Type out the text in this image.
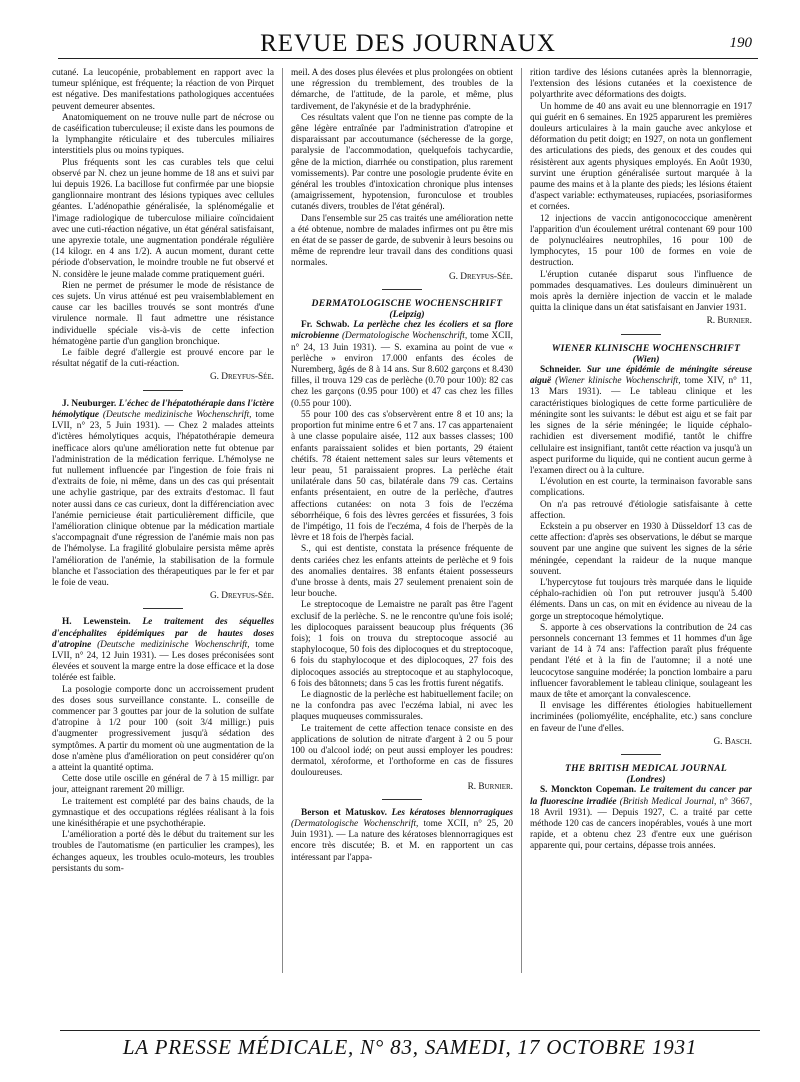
REVUE DES JOURNAUX	190

cutané. La leucopénie, probablement en rapport avec la tumeur splénique, est fréquente; la réaction de von Pirquet est négative. Des manifestations pathologiques accentuées peuvent demeurer absentes.

Anatomiquement on ne trouve nulle part de nécrose ou de caséification tuberculeuse; il existe dans les poumons de la lymphangite réticulaire et des tubercules miliaires interstitiels plus ou moins typiques.

Plus fréquents sont les cas curables tels que celui observé par N. chez un jeune homme de 18 ans et suivi par lui depuis 1926. La bacillose fut confirmée par une biopsie ganglionnaire montrant des lésions typiques avec cellules géantes. L'adénopathie généralisée, la splénomégalie et l'image radiologique de tuberculose miliaire coïncidaient avec une cuti-réaction négative, un état général satisfaisant, une apyrexie totale, une augmentation pondérale régulière (14 kilogr. en 4 ans 1/2). A aucun moment, durant cette période d'observation, le moindre trouble ne fut observé et N. considère le jeune malade comme pratiquement guéri.

Rien ne permet de présumer le mode de résistance de ces sujets. Un virus atténué est peu vraisemblablement en cause car les bacilles trouvés se sont montrés d'une virulence normale. Il faut admettre une résistance individuelle spéciale vis-à-vis de cette infection hématogène partie d'un ganglion bronchique.

Le faible degré d'allergie est prouvé encore par le résultat négatif de la cuti-réaction.

G. Dreyfus-Sée.

J. Neuburger. L'échec de l'hépatothérapie dans l'ictère hémolytique (Deutsche medizinische Wochenschrift, tome LVII, n° 23, 5 Juin 1931). — Chez 2 malades atteints d'ictères hémolytiques acquis, l'hépatothérapie demeura inefficace alors qu'une amélioration nette fut obtenue par l'administration de la médication ferrique. L'hémolyse ne fut nullement influencée par l'ingestion de foie frais ni d'extraits de foie, ni même, dans un des cas qui présentait une achylie gastrique, par des extraits d'estomac. Il faut noter aussi dans ce cas curieux, dont la différenciation avec l'anémie pernicieuse était particulièrement difficile, que l'amélioration clinique obtenue par la médication martiale s'accompagnait d'une régression de l'anémie mais non pas de l'hémolyse. La fragilité globulaire persista même après l'amélioration de l'anémie, la stabilisation de la formule blanche et l'association des thérapeutiques par le fer et par le foie de veau.

G. Dreyfus-Sée.

H. Lewenstein. Le traitement des séquelles d'encéphalites épidémiques par de hautes doses d'atropine (Deutsche medizinische Wochenschrift, tome LVII, n° 24, 12 Juin 1931). — Les doses préconisées sont élevées et souvent la marge entre la dose efficace et la dose tolérée est faible.

La posologie comporte donc un accroissement prudent des doses sous surveillance constante. L. conseille de commencer par 3 gouttes par jour de la solution de sulfate d'atropine à 1/2 pour 100 (soit 3/4 milligr.) puis d'augmenter progressivement jusqu'à sédation des symptômes. A partir du moment où une augmentation de la dose n'amène plus d'amélioration on peut considérer qu'on a atteint la quantité optima.

Cette dose utile oscille en général de 7 à 15 milligr. par jour, atteignant rarement 20 milligr.

Le traitement est complété par des bains chauds, de la gymnastique et des occupations réglées réalisant à la fois une kinésithérapie et une psychothérapie.

L'amélioration a porté dès le début du traitement sur les troubles de l'automatisme (en particulier les crampes), les échanges aqueux, les troubles oculo-moteurs, les troubles persistants du som-

meil. A des doses plus élevées et plus prolongées on obtient une régression du tremblement, des troubles de la démarche, de l'attitude, de la parole, et même, plus tardivement, de l'akynésie et de la bradyphrénie.

Ces résultats valent que l'on ne tienne pas compte de la gêne légère entraînée par l'administration d'atropine et disparaissant par accoutumance (sécheresse de la gorge, paralysie de l'accommodation, quelquefois tachycardie, gêne de la miction, diarrhée ou constipation, plus rarement vomissements). Par contre une posologie prudente évite en général les troubles d'intoxication chronique plus intenses (amaigrissement, hypotension, furonculose et troubles cutanés divers, troubles de l'état général).

Dans l'ensemble sur 25 cas traités une amélioration nette a été obtenue, nombre de malades infirmes ont pu être mis en état de se passer de garde, de subvenir à leurs besoins ou même de reprendre leur travail dans des conditions quasi normales.

G. Dreyfus-Sée.

DERMATOLOGISCHE WOCHENSCHRIFT

(Leipzig)

Fr. Schwab. La perlèche chez les écoliers et sa flore microbienne (Dermatologische Wochenschrift, tome XCII, n° 24, 13 Juin 1931). — S. examina au point de vue « perlèche » environ 17.000 enfants des écoles de Nuremberg, âgés de 8 à 14 ans. Sur 8.602 garçons et 8.430 filles, il trouva 129 cas de perlèche (0.70 pour 100): 82 cas chez les garçons (0.95 pour 100) et 47 cas chez les filles (0.55 pour 100).

55 pour 100 des cas s'observèrent entre 8 et 10 ans; la proportion fut minime entre 6 et 7 ans. 17 cas appartenaient à une classe populaire aisée, 112 aux basses classes; 100 enfants paraissaient solides et bien portants, 29 étaient chétifs. 78 étaient nettement sales sur leurs vêtements et leur peau, 51 paraissaient propres. La perlèche était unilatérale dans 50 cas, bilatérale dans 79 cas. Certains enfants présentaient, en outre de la perlèche, d'autres affections cutanées: on nota 3 fois de l'eczéma séborrhéique, 6 fois des lèvres gercées et fissurées, 3 fois de l'impétigo, 11 fois de l'eczéma, 4 fois de l'herpès de la lèvre et 18 fois de l'herpès facial.

S., qui est dentiste, constata la présence fréquente de dents cariées chez les enfants atteints de perlèche et 9 fois des anomalies dentaires. 38 enfants étaient possesseurs d'une brosse à dents, mais 27 seulement prenaient soin de leur bouche.

Le streptocoque de Lemaistre ne paraît pas être l'agent exclusif de la perlèche. S. ne le rencontre qu'une fois isolé; les diplocoques paraissent beaucoup plus fréquents (36 fois); 1 fois on trouva du streptocoque associé au staphylocoque, 50 fois des diplocoques et du streptocoque, 6 fois du staphylocoque et des diplocoques, 27 fois des diplocoques associés au streptocoque et au staphylocoque, 6 fois des bâtonnets; dans 5 cas les frottis furent négatifs.

Le diagnostic de la perlèche est habituellement facile; on ne la confondra pas avec l'eczéma labial, ni avec les plaques muqueuses commissurales.

Le traitement de cette affection tenace consiste en des applications de solution de nitrate d'argent à 2 ou 5 pour 100 ou d'alcool iodé; on peut aussi employer les poudres: dermatol, xéroforme, et l'orthoforme en cas de fissures douloureuses.

R. Burnier.

Berson et Matuskov. Les kératoses blennorragiques (Dermatologische Wochenschrift, tome XCII, n° 25, 20 Juin 1931). — La nature des kératoses blennorragiques est encore très discutée; B. et M. en rapportent un cas intéressant par l'appa-

rition tardive des lésions cutanées après la blennorragie, l'extension des lésions cutanées et la coexistence de polyarthrite avec déformations des doigts.

Un homme de 40 ans avait eu une blennorragie en 1917 qui guérit en 6 semaines. En 1925 apparurent les premières douleurs articulaires à la main gauche avec ankylose et déformation du petit doigt; en 1927, on nota un gonflement des articulations des pieds, des genoux et des coudes qui résistèrent aux agents physiques employés. En Août 1930, survint une éruption généralisée surtout marquée à la paume des mains et à la plante des pieds; les lésions étaient d'aspect variable: ecthymateuses, rupiacées, psoriasiformes et cornées.

12 injections de vaccin antigonococcique amenèrent l'apparition d'un écoulement urétral contenant 69 pour 100 de polynucléaires neutrophiles, 16 pour 100 de lymphocytes, 15 pour 100 de formes en voie de destruction.

L'éruption cutanée disparut sous l'influence de pommades desquamatives. Les douleurs diminuèrent un mois après la dernière injection de vaccin et le malade quitta la clinique dans un état satisfaisant en Janvier 1931.

R. Burnier.

WIENER KLINISCHE WOCHENSCHRIFT

(Wien)

Schneider. Sur une épidémie de méningite séreuse aiguë (Wiener klinische Wochenschrift, tome XIV, n° 11, 13 Mars 1931). — Le tableau clinique et les caractéristiques biologiques de cette forme particulière de méningite sont les suivants: le début est aigu et se fait par les signes de la série méningée; le liquide céphalo-rachidien est diversement modifié, tantôt le chiffre cellulaire est insignifiant, tantôt cette réaction va jusqu'à un aspect puriforme du liquide, qui ne contient aucun germe à l'examen direct ou à la culture.

L'évolution en est courte, la terminaison favorable sans complications.

On n'a pas retrouvé d'étiologie satisfaisante à cette affection.

Eckstein a pu observer en 1930 à Düsseldorf 13 cas de cette affection: d'après ses observations, le début se marque souvent par une angine que suivent les signes de la série méningée, cependant la raideur de la nuque manque souvent.

L'hypercytose fut toujours très marquée dans le liquide céphalo-rachidien où l'on put retrouver jusqu'à 5.400 éléments. Dans un cas, on mit en évidence au niveau de la gorge un streptocoque hémolytique.

S. apporte à ces observations la contribution de 24 cas personnels concernant 13 femmes et 11 hommes d'un âge variant de 14 à 74 ans: l'affection paraît plus fréquente pendant l'été et à la fin de l'automne; il a noté une leucocytose sanguine modérée; la ponction lombaire a paru influencer favorablement le tableau clinique, soulageant les maux de tête et amorçant la convalescence.

Il envisage les différentes étiologies habituellement incriminées (poliomyélite, encéphalite, etc.) sans conclure en faveur de l'une d'elles.

G. Basch.

THE BRITISH MEDICAL JOURNAL

(Londres)

S. Monckton Copeman. Le traitement du cancer par la fluorescine irradiée (British Medical Journal, n° 3667, 18 Avril 1931). — Depuis 1927, C. a traité par cette méthode 120 cas de cancers inopérables, voués à une mort rapide, et a obtenu chez 23 d'entre eux une guérison apparente qui, pour certains, dépasse trois années.

LA PRESSE MÉDICALE, N° 83, SAMEDI, 17 OCTOBRE 1931
